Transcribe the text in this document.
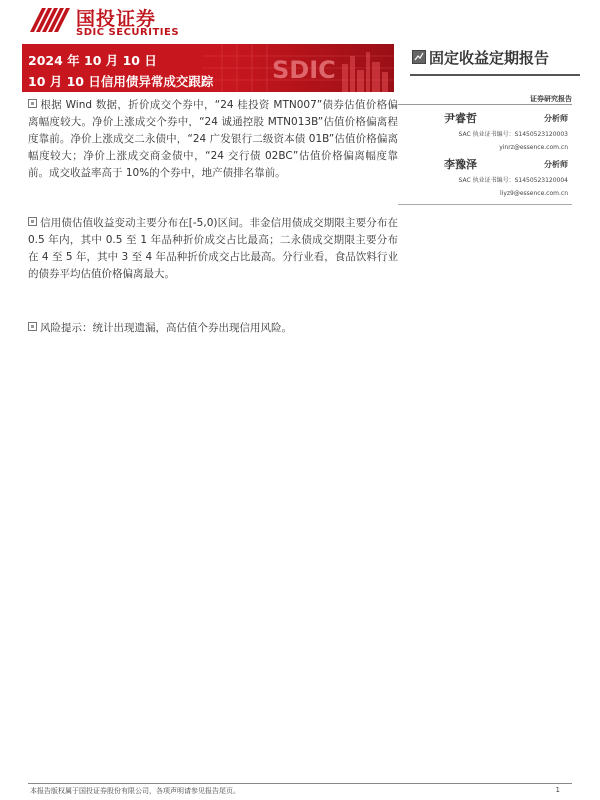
国投证券
SDIC SECURITIES
SDIC
2024 年 10 月 10 日
10 月 10 日信用债异常成交跟踪
固定收益定期报告
证券研究报告
尹睿哲	分析师
SAC 执业证书编号：S1450523120003
yinrz@essence.com.cn
李豫泽	分析师
SAC 执业证书编号：S1450523120004
liyz9@essence.com.cn
根据 Wind 数据，折价成交个券中，“24 桂投资 MTN007”债券估值价格偏离幅度较大。净价上涨成交个券中，“24 诚通控股 MTN013B”估值价格偏离程度靠前。净价上涨成交二永债中，“24 广发银行二级资本债 01B”估值价格偏离幅度较大；净价上涨成交商金债中，“24 交行债 02BC”估值价格偏离幅度靠前。成交收益率高于 10%的个券中，地产债排名靠前。
信用债估值收益变动主要分布在[-5,0)区间。非金信用债成交期限主要分布在 0.5 年内，其中 0.5 至 1 年品种折价成交占比最高；二永债成交期限主要分布在 4 至 5 年，其中 3 至 4 年品种折价成交占比最高。分行业看，食品饮料行业的债券平均估值价格偏离最大。
风险提示：统计出现遗漏，高估值个券出现信用风险。
本报告版权属于国投证券股份有限公司，各项声明请参见报告尾页。	1
